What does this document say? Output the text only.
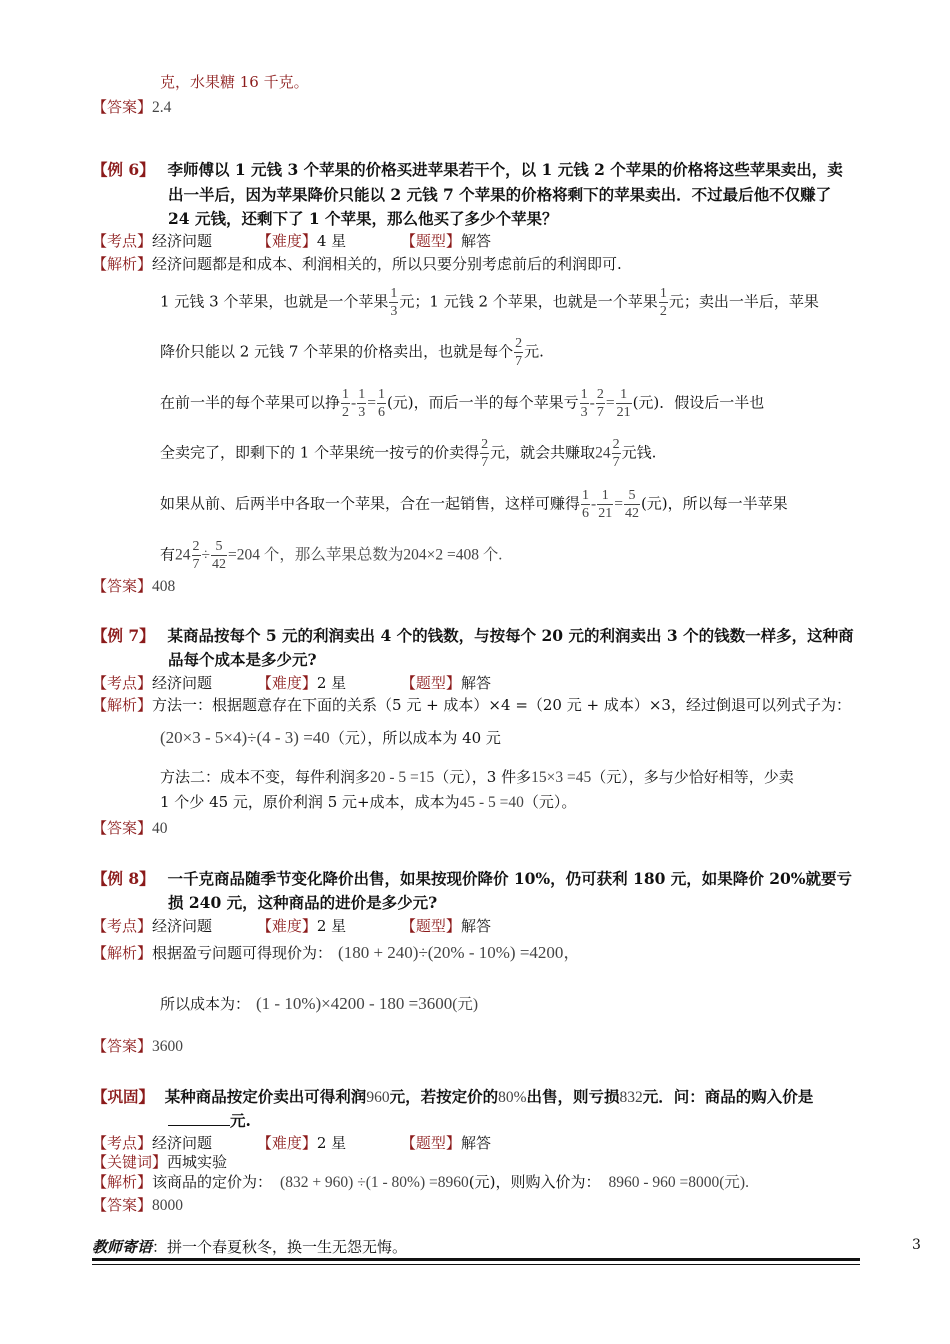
克，水果糖 16 千克。
【答案】2.4
【例 6】 李师傅以 1 元钱 3 个苹果的价格买进苹果若干个，以 1 元钱 2 个苹果的价格将这些苹果卖出，卖
出一半后，因为苹果降价只能以 2 元钱 7 个苹果的价格将剩下的苹果卖出．不过最后他不仅赚了
24 元钱，还剩下了 1 个苹果，那么他买了多少个苹果？
【考点】经济问题	【难度】4 星	【题型】解答
【解析】经济问题都是和成本、利润相关的，所以只要分别考虑前后的利润即可.
1 元钱 3 个苹果，也就是一个苹果 $\frac{1}{3}$ 元；1 元钱 2 个苹果，也就是一个苹果 $\frac{1}{2}$ 元；卖出一半后，苹果
降价只能以 2 元钱 7 个苹果的价格卖出，也就是每个 $\frac{2}{7}$ 元.
在前一半的每个苹果可以挣 $\frac{1}{2} - \frac{1}{3} = \frac{1}{6}$ (元)，而后一半的每个苹果亏 $\frac{1}{3} - \frac{2}{7} = \frac{1}{21}$ (元)．假设后一半也
全卖完了，即剩下的 1 个苹果统一按亏的价卖得 $\frac{2}{7}$ 元，就会共赚取$24 \frac{2}{7}$ 元钱.
如果从前、后两半中各取一个苹果，合在一起销售，这样可赚得 $\frac{1}{6} - \frac{1}{21} = \frac{5}{42}$ (元)，所以每一半苹果
有$24 \frac{2}{7} \div \frac{5}{42} =204$ 个，那么苹果总数为204×2 =408 个.
【答案】408
【例 7】 某商品按每个 5 元的利润卖出 4 个的钱数，与按每个 20 元的利润卖出 3 个的钱数一样多，这种商
品每个成本是多少元?
【考点】经济问题	【难度】2 星	【题型】解答
【解析】方法一：根据题意存在下面的关系（5 元 + 成本）×4 =（20 元 + 成本）×3，经过倒退可以列式子为：
(20×3 - 5×4)÷(4 - 3) =40（元），所以成本为 40 元
方法二：成本不变，每件利润多20 - 5 =15（元），3 件多15×3 =45（元），多与少恰好相等，少卖
1 个少 45 元，原价利润 5 元+成本，成本为45 - 5 =40（元）。
【答案】40
【例 8】 一千克商品随季节变化降价出售，如果按现价降价 10%，仍可获利 180 元，如果降价 20%就要亏
损 240 元，这种商品的进价是多少元?
【考点】经济问题	【难度】2 星	【题型】解答
【解析】根据盈亏问题可得现价为： (180 + 240)÷(20% - 10%) =4200，
所以成本为： (1 - 10%)×4200 - 180 =3600(元)
【答案】3600
【巩固】 某种商品按定价卖出可得利润960元，若按定价的80%出售，则亏损832元．问：商品的购入价是
元.
【考点】经济问题	【难度】2 星	【题型】解答
【关键词】西城实验
【解析】该商品的定价为： (832 + 960) ÷(1 - 80%) =8960(元)，则购入价为： 8960 - 960 =8000(元).
【答案】8000
教师寄语：拼一个春夏秋冬，换一生无怨无悔。	3
